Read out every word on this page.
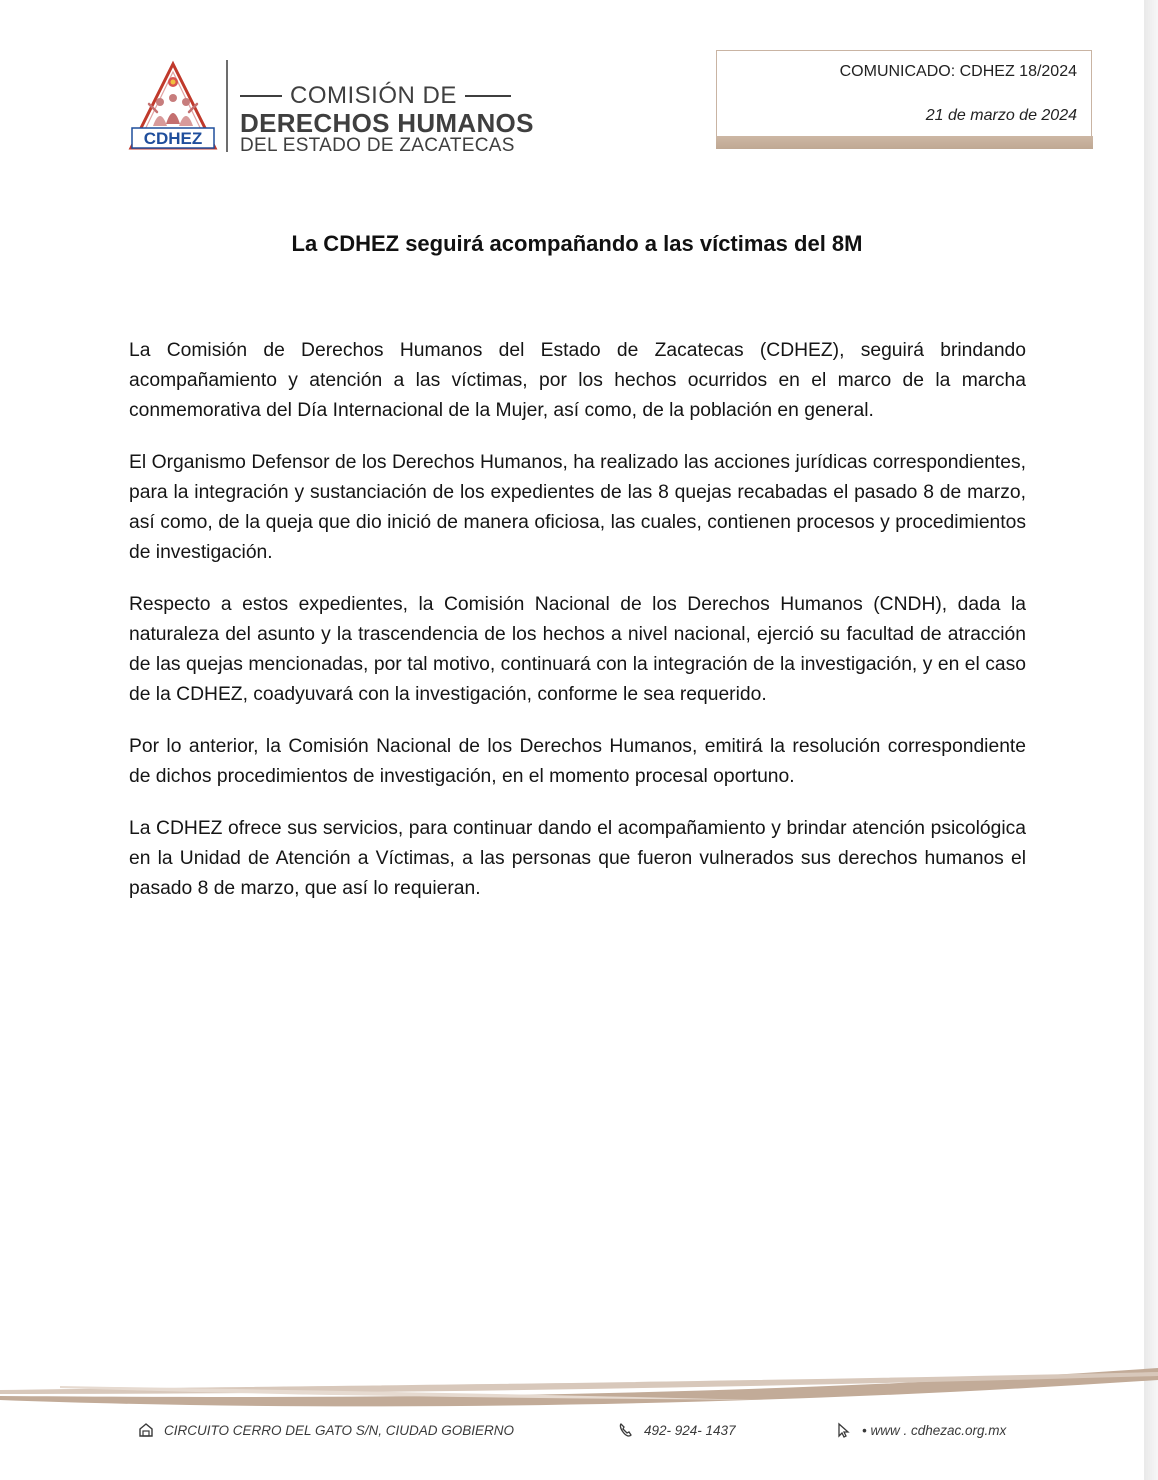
CDHEZ
COMISIÓN DE
DERECHOS HUMANOS
DEL ESTADO DE ZACATECAS
COMUNICADO: CDHEZ 18/2024
21 de marzo de 2024
La CDHEZ seguirá acompañando a las víctimas del 8M

La Comisión de Derechos Humanos del Estado de Zacatecas (CDHEZ), seguirá brindando acompañamiento y atención a las víctimas, por los hechos ocurridos en el marco de la marcha conmemorativa del Día Internacional de la Mujer, así como, de la población en general.

El Organismo Defensor de los Derechos Humanos, ha realizado las acciones jurídicas correspondientes, para la integración y sustanciación de los expedientes de las 8 quejas recabadas el pasado 8 de marzo, así como, de la queja que dio inició de manera oficiosa, las cuales, contienen procesos y procedimientos de investigación.

Respecto a estos expedientes, la Comisión Nacional de los Derechos Humanos (CNDH), dada la naturaleza del asunto y la trascendencia de los hechos a nivel nacional, ejerció su facultad de atracción de las quejas mencionadas, por tal motivo, continuará con la integración de la investigación, y en el caso de la CDHEZ, coadyuvará con la investigación, conforme le sea requerido.

Por lo anterior, la Comisión Nacional de los Derechos Humanos, emitirá la resolución correspondiente de dichos procedimientos de investigación, en el momento procesal oportuno.

La CDHEZ ofrece sus servicios, para continuar dando el acompañamiento y brindar atención psicológica en la Unidad de Atención a Víctimas, a las personas que fueron vulnerados sus derechos humanos el pasado 8 de marzo, que así lo requieran.

CIRCUITO CERRO DEL GATO S/N, CIUDAD GOBIERNO	492- 924- 1437	• www . cdhezac.org.mx
